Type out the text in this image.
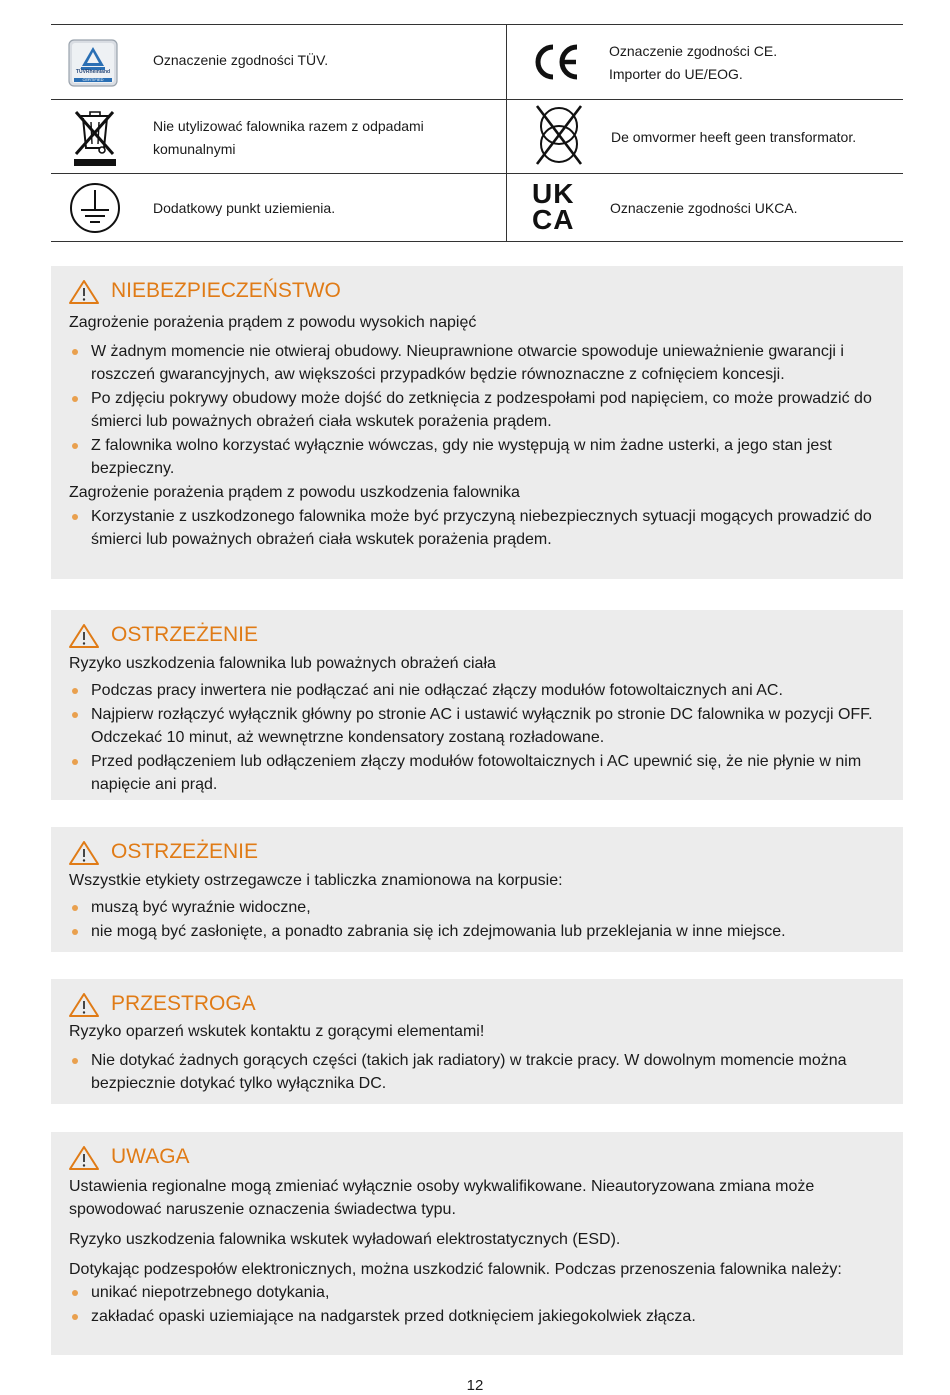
TÜVRheinland
CERTIFIED
Oznaczenie zgodności TÜV.
Oznaczenie zgodności CE.
Importer do UE/EOG.
Nie utylizować falownika razem z odpadami
komunalnymi
De omvormer heeft geen transformator.
Dodatkowy punkt uziemienia.	UK
CA	Oznaczenie zgodności UKCA.
NIEBEZPIECZEŃSTWO

Zagrożenie porażenia prądem z powodu wysokich napięć

W żadnym momencie nie otwieraj obudowy. Nieuprawnione otwarcie spowoduje unieważnienie gwarancji i roszczeń gwarancyjnych, aw większości przypadków będzie równoznaczne z cofnięciem koncesji.
Po zdjęciu pokrywy obudowy może dojść do zetknięcia z podzespołami pod napięciem, co może prowadzić do śmierci lub poważnych obrażeń ciała wskutek porażenia prądem.
Z falownika wolno korzystać wyłącznie wówczas, gdy nie występują w nim żadne usterki, a jego stan jest bezpieczny.

Zagrożenie porażenia prądem z powodu uszkodzenia falownika

Korzystanie z uszkodzonego falownika może być przyczyną niebezpiecznych sytuacji mogących prowadzić do śmierci lub poważnych obrażeń ciała wskutek porażenia prądem.
OSTRZEŻENIE

Ryzyko uszkodzenia falownika lub poważnych obrażeń ciała

Podczas pracy inwertera nie podłączać ani nie odłączać złączy modułów fotowoltaicznych ani AC.
Najpierw rozłączyć wyłącznik główny po stronie AC i ustawić wyłącznik po stronie DC falownika w pozycji OFF. Odczekać 10 minut, aż wewnętrzne kondensatory zostaną rozładowane.
Przed podłączeniem lub odłączeniem złączy modułów fotowoltaicznych i AC upewnić się, że nie płynie w nim napięcie ani prąd.
OSTRZEŻENIE

Wszystkie etykiety ostrzegawcze i tabliczka znamionowa na korpusie:

muszą być wyraźnie widoczne,
nie mogą być zasłonięte, a ponadto zabrania się ich zdejmowania lub przeklejania w inne miejsce.
PRZESTROGA

Ryzyko oparzeń wskutek kontaktu z gorącymi elementami!

Nie dotykać żadnych gorących części (takich jak radiatory) w trakcie pracy. W dowolnym momencie można bezpiecznie dotykać tylko wyłącznika DC.
UWAGA

Ustawienia regionalne mogą zmieniać wyłącznie osoby wykwalifikowane. Nieautoryzowana zmiana może spowodować naruszenie oznaczenia świadectwa typu.

Ryzyko uszkodzenia falownika wskutek wyładowań elektrostatycznych (ESD).

Dotykając podzespołów elektronicznych, można uszkodzić falownik. Podczas przenoszenia falownika należy:

unikać niepotrzebnego dotykania,
zakładać opaski uziemiające na nadgarstek przed dotknięciem jakiegokolwiek złącza.
12
